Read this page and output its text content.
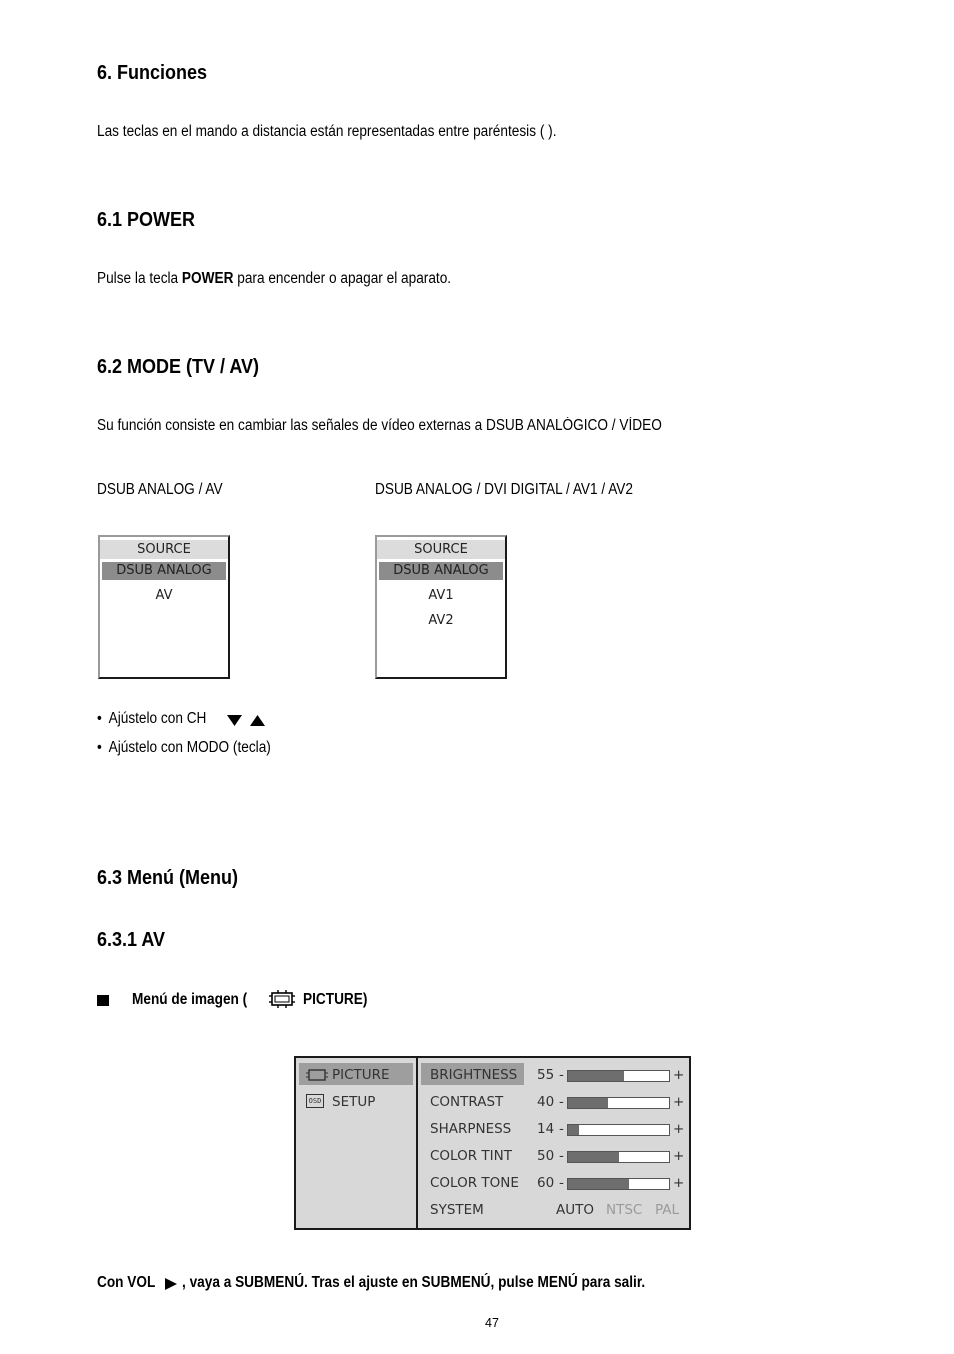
6. Funciones
Las teclas en el mando a distancia están representadas entre paréntesis ( ).
6.1 POWER
Pulse la tecla POWER para encender o apagar el aparato.
6.2 MODE (TV / AV)
Su función consiste en cambiar las señales de vídeo externas a DSUB ANALÓGICO / VÍDEO
DSUB ANALOG / AV	DSUB ANALOG / DVI DIGITAL / AV1 / AV2
SOURCE
DSUB ANALOG
AV
SOURCE
DSUB ANALOG
AV1
AV2
•  Ajústelo con CH
•  Ajústelo con MODO (tecla)
6.3 Menú (Menu)
6.3.1 AV
Menú de imagen (	PICTURE)
PICTURE
OSD SETUP
SYSTEM	AUTO NTSC PAL
BRIGHTNESS 55 -	+
CONTRAST 40 -	+
SHARPNESS 14 -	+
COLOR TINT 50 -	+
COLOR TONE 60 -	+
Con VOL , vaya a SUBMENÚ. Tras el ajuste en SUBMENÚ, pulse MENÚ para salir.
47
